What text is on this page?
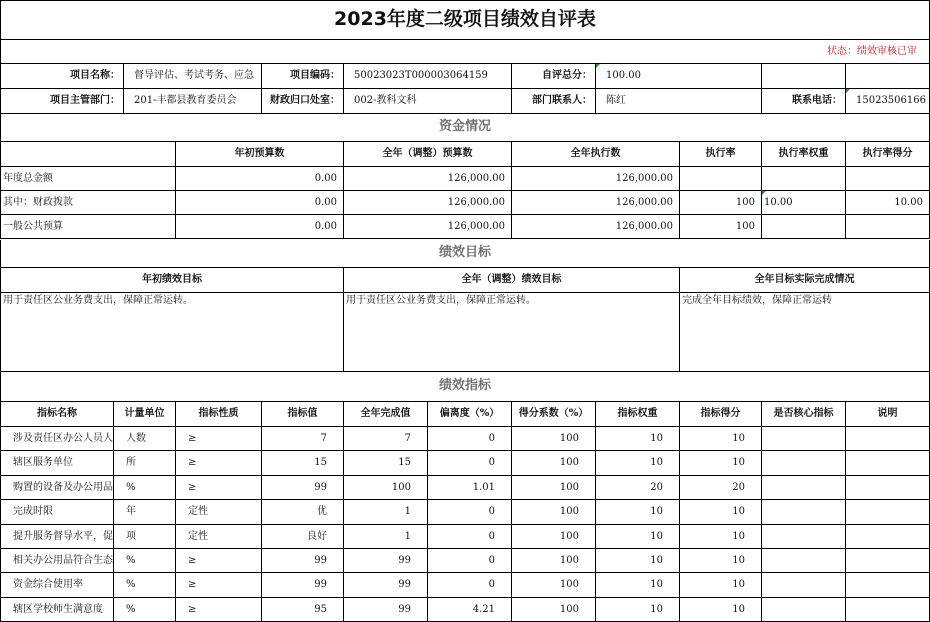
2023年度二级项目绩效自评表
状态：绩效审核已审
项目名称：	督导评估、考试考务、应急	项目编码：	50023023T000003064159	自评总分：	100.00
项目主管部门：	201-丰都县教育委员会	财政归口处室：	002-教科文科	部门联系人：	陈红	联系电话：	15023506166
资金情况
年初预算数	全年（调整）预算数	全年执行数	执行率	执行率权重	执行率得分
年度总金额	0.00	126,000.00	126,000.00
其中：财政拨款	0.00	126,000.00	126,000.00	100 10.00	10.00
一般公共预算	0.00	126,000.00	126,000.00	100
绩效目标
年初绩效目标	全年（调整）绩效目标	全年目标实际完成情况
用于责任区公业务费支出，保障正常运转。	用于责任区公业务费支出，保障正常运转。	完成全年目标绩效，保障正常运转
绩效指标
指标名称	计量单位	指标性质	指标值	全年完成值	偏离度（%）	得分系数（%）	指标权重	指标得分	是否核心指标	说明
涉及责任区办公人员人	人数	≥	7	7	0	100	10	10
辖区服务单位	所	≥	15	15	0	100	10	10
购置的设备及办公用品	%	≥	99	100	1.01	100	20	20
完成时限	年	定性	优	1	0	100	10	10
提升服务督导水平，促	项	定性	良好	1	0	100	10	10
相关办公用品符合生态	%	≥	99	99	0	100	10	10
资金综合使用率	%	≥	99	99	0	100	10	10
辖区学校师生满意度	%	≥	95	99	4.21	100	10	10
